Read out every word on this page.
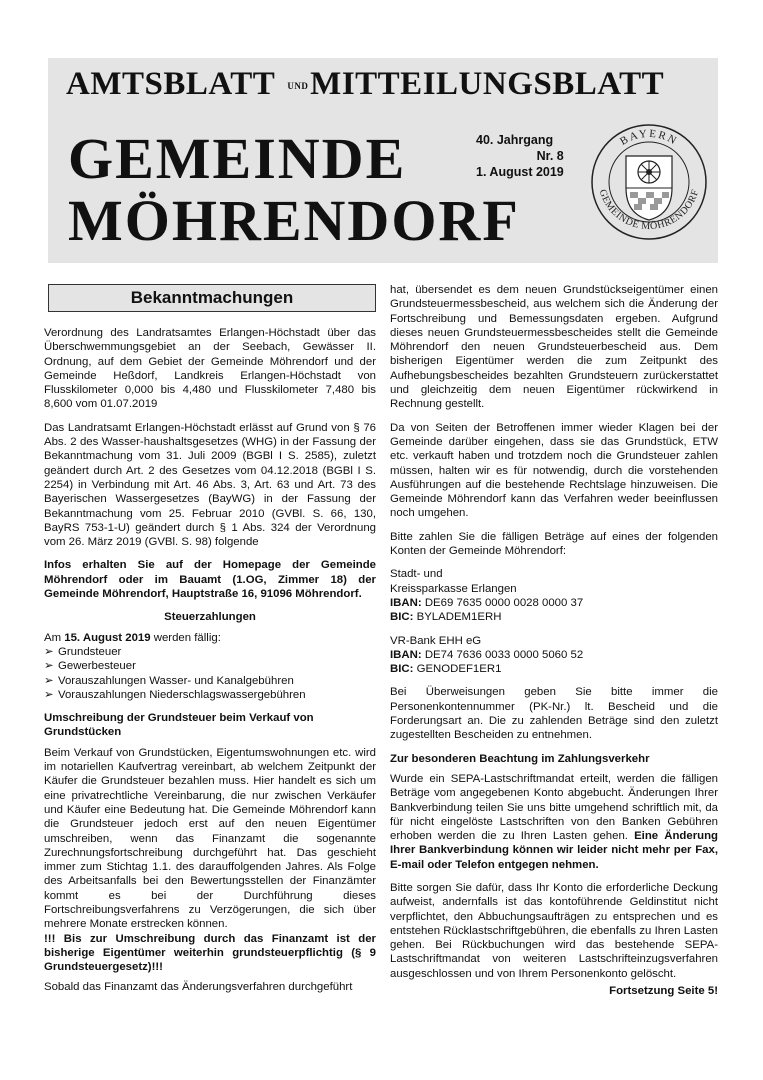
AMTSBLATT UND MITTEILUNGSBLATT
GEMEINDE
MÖHRENDORF
40. Jahrgang
Nr. 8
1. August 2019
BAYERN
GEMEINDE MÖHRENDORF
Bekanntmachungen

Verordnung des Landratsamtes Erlangen-Höchstadt über das Überschwemmungsgebiet an der Seebach, Gewässer II. Ordnung, auf dem Gebiet der Gemeinde Möhrendorf und der Gemeinde Heßdorf, Landkreis Erlangen-Höchstadt von Flusskilometer 0,000 bis 4,480 und Flusskilometer 7,480 bis 8,600 vom 01.07.2019

Das Landratsamt Erlangen-Höchstadt erlässt auf Grund von § 76 Abs. 2 des Wasser-haushaltsgesetzes (WHG) in der Fassung der Bekanntmachung vom 31. Juli 2009 (BGBl I S. 2585), zuletzt geändert durch Art. 2 des Gesetzes vom 04.12.2018 (BGBl I S. 2254) in Verbindung mit Art. 46 Abs. 3, Art. 63 und Art. 73 des Bayerischen Wassergesetzes (BayWG) in der Fassung der Bekanntmachung vom 25. Februar 2010 (GVBl. S. 66, 130, BayRS 753-1-U) geändert durch § 1 Abs. 324 der Verordnung vom 26. März 2019 (GVBl. S. 98) folgende

Infos erhalten Sie auf der Homepage der Gemeinde Möhrendorf oder im Bauamt (1.OG, Zimmer 18) der Gemeinde Möhrendorf, Hauptstraße 16, 91096 Möhrendorf.

Steuerzahlungen

Am 15. August 2019 werden fällig:

➢ Grundsteuer
➢ Gewerbesteuer
➢ Vorauszahlungen Wasser- und Kanalgebühren
➢ Vorauszahlungen Niederschlagswassergebühren
Umschreibung der Grundsteuer beim Verkauf von Grundstücken

Beim Verkauf von Grundstücken, Eigentumswohnungen etc. wird im notariellen Kaufvertrag vereinbart, ab welchem Zeitpunkt der Käufer die Grundsteuer bezahlen muss. Hier handelt es sich um eine privatrechtliche Vereinbarung, die nur zwischen Verkäufer und Käufer eine Bedeutung hat. Die Gemeinde Möhrendorf kann die Grundsteuer jedoch erst auf den neuen Eigentümer umschreiben, wenn das Finanzamt die sogenannte Zurechnungsfortschreibung durchgeführt hat. Das geschieht immer zum Stichtag 1.1. des darauffolgenden Jahres. Als Folge des Arbeitsanfalls bei den Bewertungsstellen der Finanzämter kommt es bei der Durchführung dieses Fortschreibungsverfahrens zu Verzögerungen, die sich über mehrere Monate erstrecken können.

!!! Bis zur Umschreibung durch das Finanzamt ist der bisherige Eigentümer weiterhin grundsteuerpflichtig (§ 9 Grundsteuergesetz)!!!

Sobald das Finanzamt das Änderungsverfahren durchgeführt

hat, übersendet es dem neuen Grundstückseigentümer einen Grundsteuermessbescheid, aus welchem sich die Änderung der Fortschreibung und Bemessungsdaten ergeben. Aufgrund dieses neuen Grundsteuermessbescheides stellt die Gemeinde Möhrendorf den neuen Grundsteuerbescheid aus. Dem bisherigen Eigentümer werden die zum Zeitpunkt des Aufhebungsbescheides bezahlten Grundsteuern zurückerstattet und gleichzeitig dem neuen Eigentümer rückwirkend in Rechnung gestellt.

Da von Seiten der Betroffenen immer wieder Klagen bei der Gemeinde darüber eingehen, dass sie das Grundstück, ETW etc. verkauft haben und trotzdem noch die Grundsteuer zahlen müssen, halten wir es für notwendig, durch die vorstehenden Ausführungen auf die bestehende Rechtslage hinzuweisen. Die Gemeinde Möhrendorf kann das Verfahren weder beeinflussen noch umgehen.

Bitte zahlen Sie die fälligen Beträge auf eines der folgenden Konten der Gemeinde Möhrendorf:

Stadt- und
Kreissparkasse Erlangen
IBAN: DE69 7635 0000 0028 0000 37
BIC: BYLADEM1ERH

VR-Bank EHH eG
IBAN: DE74 7636 0033 0000 5060 52
BIC: GENODEF1ER1

Bei Überweisungen geben Sie bitte immer die Personenkontennummer (PK-Nr.) lt. Bescheid und die Forderungsart an. Die zu zahlenden Beträge sind den zuletzt zugestellten Bescheiden zu entnehmen.

Zur besonderen Beachtung im Zahlungsverkehr

Wurde ein SEPA-Lastschriftmandat erteilt, werden die fälligen Beträge vom angegebenen Konto abgebucht. Änderungen Ihrer Bankverbindung teilen Sie uns bitte umgehend schriftlich mit, da für nicht eingelöste Lastschriften von den Banken Gebühren erhoben werden die zu Ihren Lasten gehen. Eine Änderung Ihrer Bankverbindung können wir leider nicht mehr per Fax, E-mail oder Telefon entgegen nehmen.

Bitte sorgen Sie dafür, dass Ihr Konto die erforderliche Deckung aufweist, andernfalls ist das kontoführende Geldinstitut nicht verpflichtet, den Abbuchungsaufträgen zu entsprechen und es entstehen Rücklastschriftgebühren, die ebenfalls zu Ihren Lasten gehen. Bei Rückbuchungen wird das bestehende SEPA-Lastschriftmandat von weiteren Lastschrifteinzugsverfahren ausgeschlossen und von Ihrem Personenkonto gelöscht.

Fortsetzung Seite 5!
